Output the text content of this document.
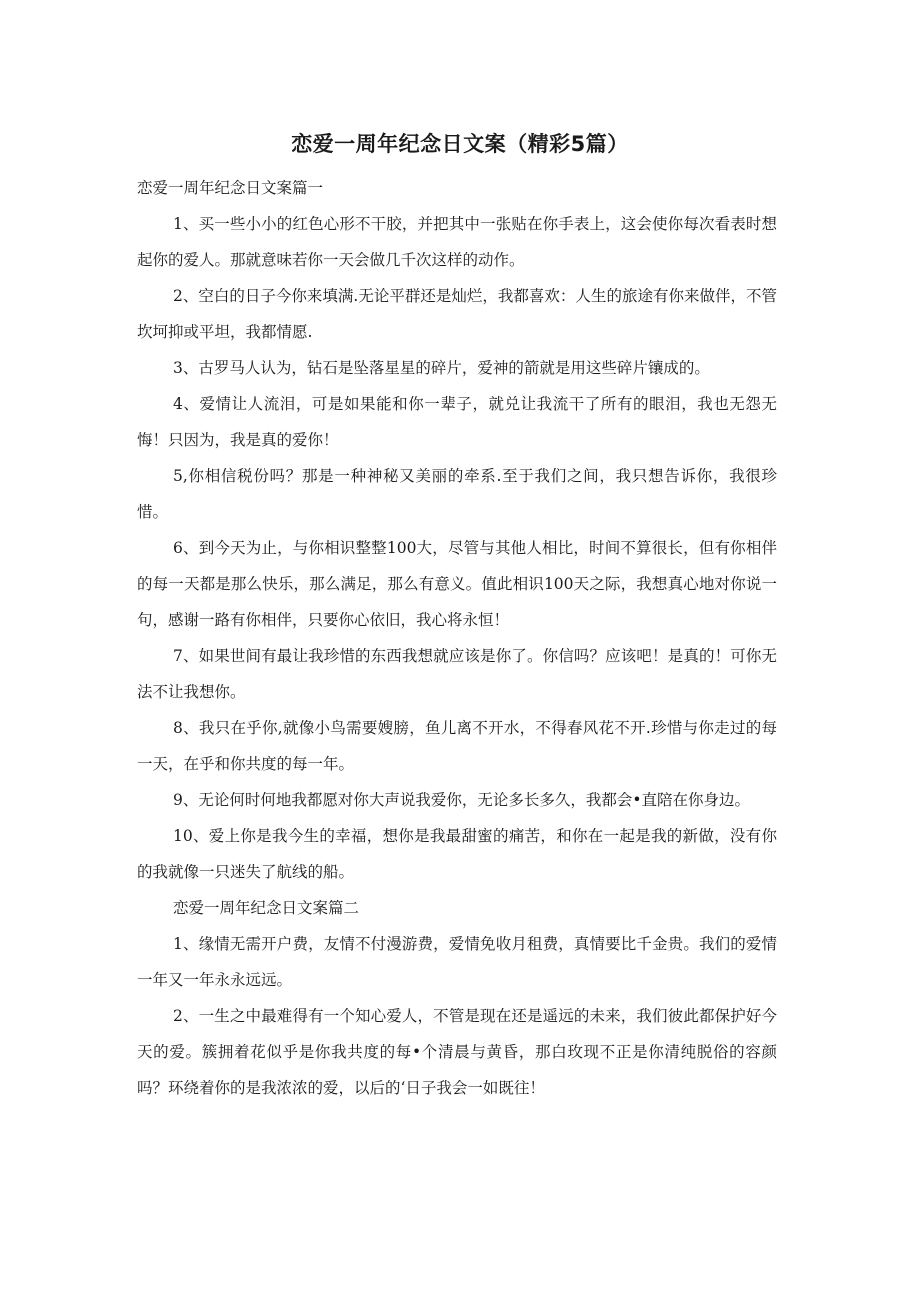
恋爱一周年纪念日文案（精彩5篇）

恋爱一周年纪念日文案篇一

1、买一些小小的红色心形不干胶，并把其中一张贴在你手表上，这会使你每次看表时想起你的爱人。那就意味若你一天会做几千次这样的动作。

2、空白的日子今你来填满.无论平群还是灿烂，我都喜欢：人生的旅途有你来做伴，不管坎坷抑或平坦，我都情愿.

3、古罗马人认为，钻石是坠落星星的碎片，爱神的箭就是用这些碎片镶成的。

4、爱情让人流泪，可是如果能和你一辈子，就兑让我流干了所有的眼泪，我也无怨无悔！只因为，我是真的爱你！

5,你相信税份吗？那是一种神秘又美丽的牵系.至于我们之间，我只想告诉你，我很珍惜。

6、到今天为止，与你相识整整100大，尽管与其他人相比，时间不算很长，但有你相伴的每一天都是那么快乐，那么满足，那么有意义。值此相识100天之际，我想真心地对你说一句，感谢一路有你相伴，只要你心依旧，我心将永恒！

7、如果世间有最让我珍惜的东西我想就应该是你了。你信吗？应该吧！是真的！可你无法不让我想你。

8、我只在乎你,就像小鸟需要嫂膀，鱼儿离不开水，不得春风花不开.珍惜与你走过的每一天，在乎和你共度的每一年。

9、无论何时何地我都愿对你大声说我爱你，无论多长多久，我都会•直陪在你身边。

10、爱上你是我今生的幸福，想你是我最甜蜜的痛苦，和你在一起是我的新做，没有你的我就像一只迷失了航线的船。

恋爱一周年纪念日文案篇二

1、缘情无需开户费，友情不付漫游费，爱情免收月租费，真情要比千金贵。我们的爱情一年又一年永永远远。

2、一生之中最难得有一个知心爱人，不管是现在还是遥远的未来，我们彼此都保护好今天的爱。簇拥着花似乎是你我共度的每•个清晨与黄昏，那白玫现不正是你清纯脱俗的容颜吗？环绕着你的是我浓浓的爱，以后的‘日子我会一如既往！
